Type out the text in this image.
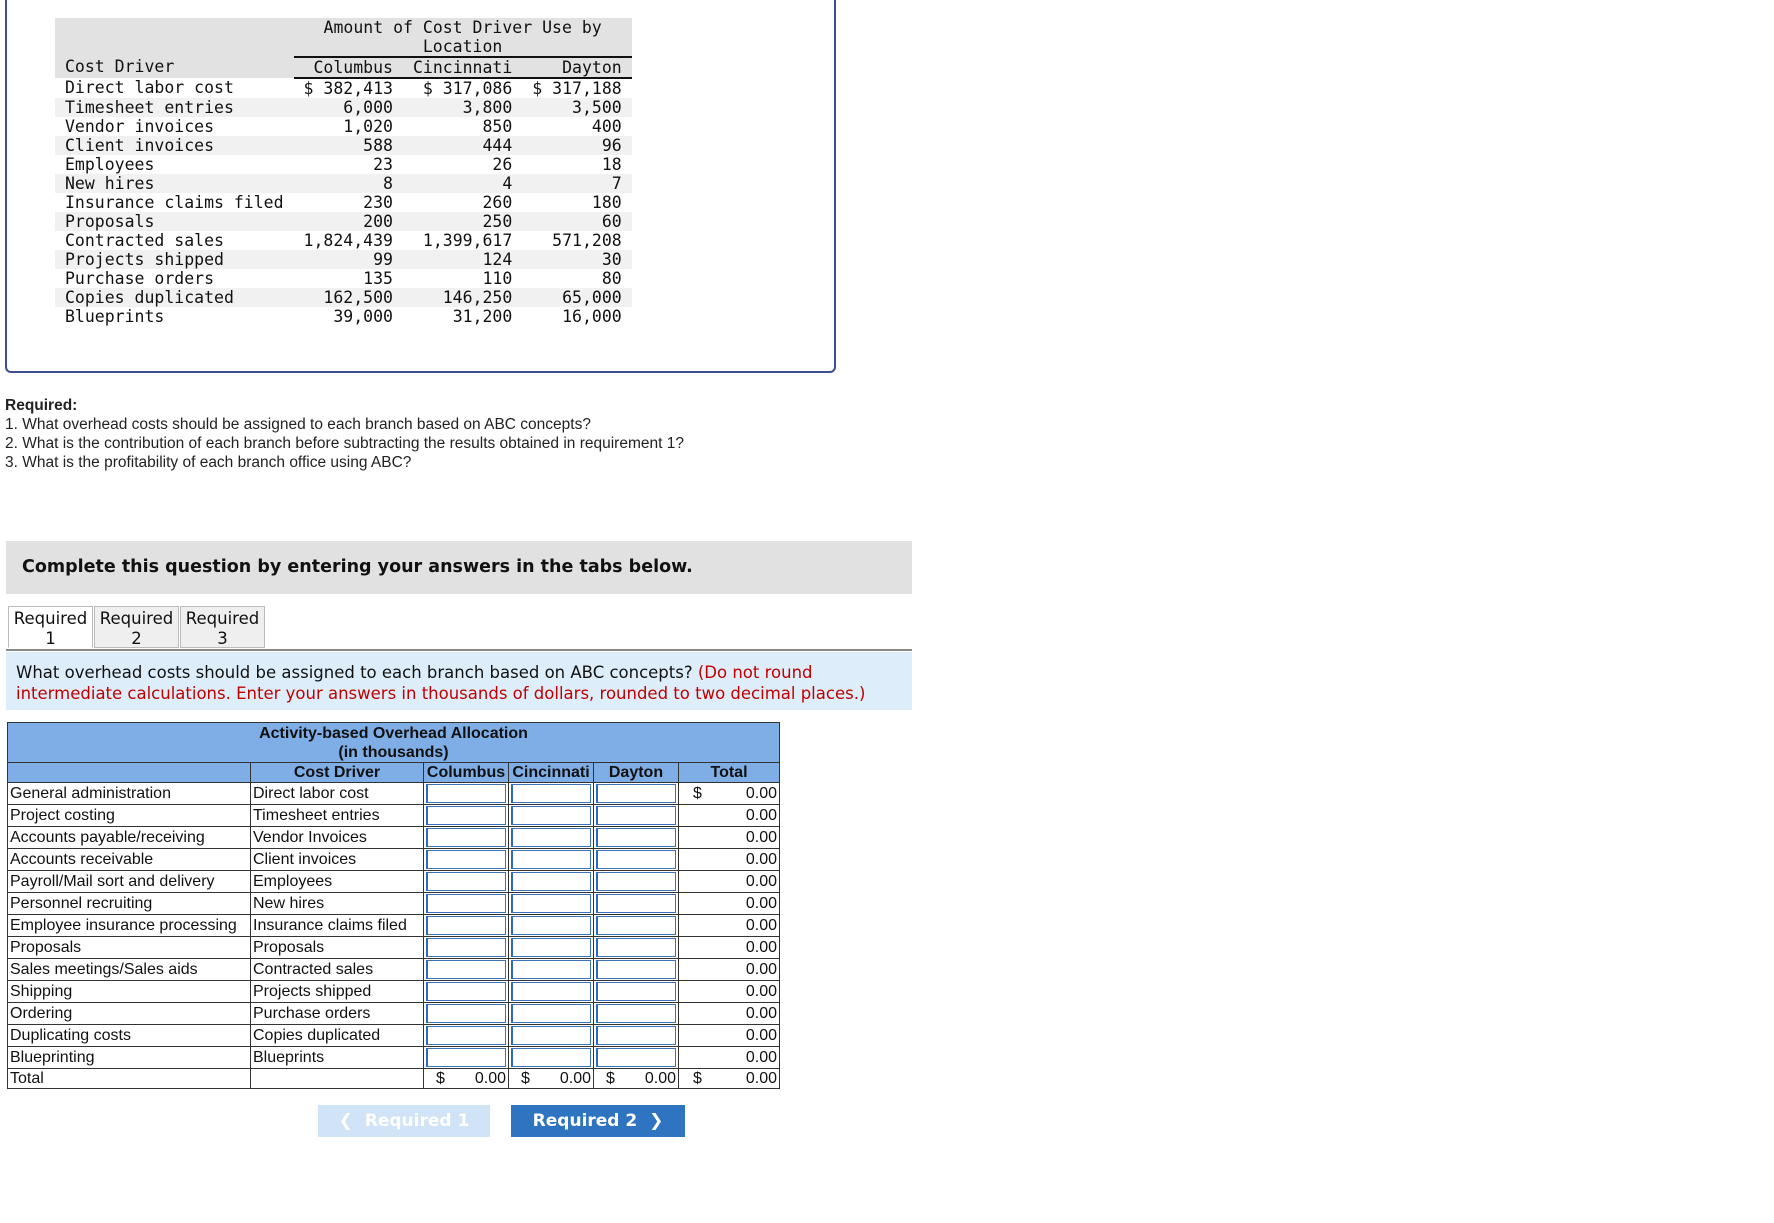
	Amount of Cost Driver Use by Location		
Cost Driver	Columbus	Cincinnati	Dayton
Direct labor cost	$ 382,413	$ 317,086	$ 317,188
Timesheet entries	6,000	3,800	3,500
Vendor invoices	1,020	850	400
Client invoices	588	444	96
Employees	23	26	18
New hires	8	4	7
Insurance claims filed	230	260	180
Proposals	200	250	60
Contracted sales	1,824,439	1,399,617	571,208
Projects shipped	99	124	30
Purchase orders	135	110	80
Copies duplicated	162,500	146,250	65,000
Blueprints	39,000	31,200	16,000
Required:
1. What overhead costs should be assigned to each branch based on ABC concepts?
2. What is the contribution of each branch before subtracting the results obtained in requirement 1?
3. What is the profitability of each branch office using ABC?
Complete this question by entering your answers in the tabs below.
Required
1
Required
2
Required
3
What overhead costs should be assigned to each branch based on ABC concepts? (Do not round intermediate calculations. Enter your answers in thousands of dollars, rounded to two decimal places.)
Activity-based Overhead Allocation
(in thousands)
	Cost Driver	Columbus	Cincinnati	Dayton	Total
General administration	Direct labor cost				$ 0.00
Project costing	Timesheet entries				0.00
Accounts payable/receiving	Vendor Invoices				0.00
Accounts receivable	Client invoices				0.00
Payroll/Mail sort and delivery	Employees				0.00
Personnel recruiting	New hires				0.00
Employee insurance processing	Insurance claims filed				0.00
Proposals	Proposals				0.00
Sales meetings/Sales aids	Contracted sales				0.00
Shipping	Projects shipped				0.00
Ordering	Purchase orders				0.00
Duplicating costs	Copies duplicated				0.00
Blueprinting	Blueprints				0.00
Total		$ 0.00	$ 0.00	$ 0.00	$ 0.00
❮  Required 1	Required 2  ❯
